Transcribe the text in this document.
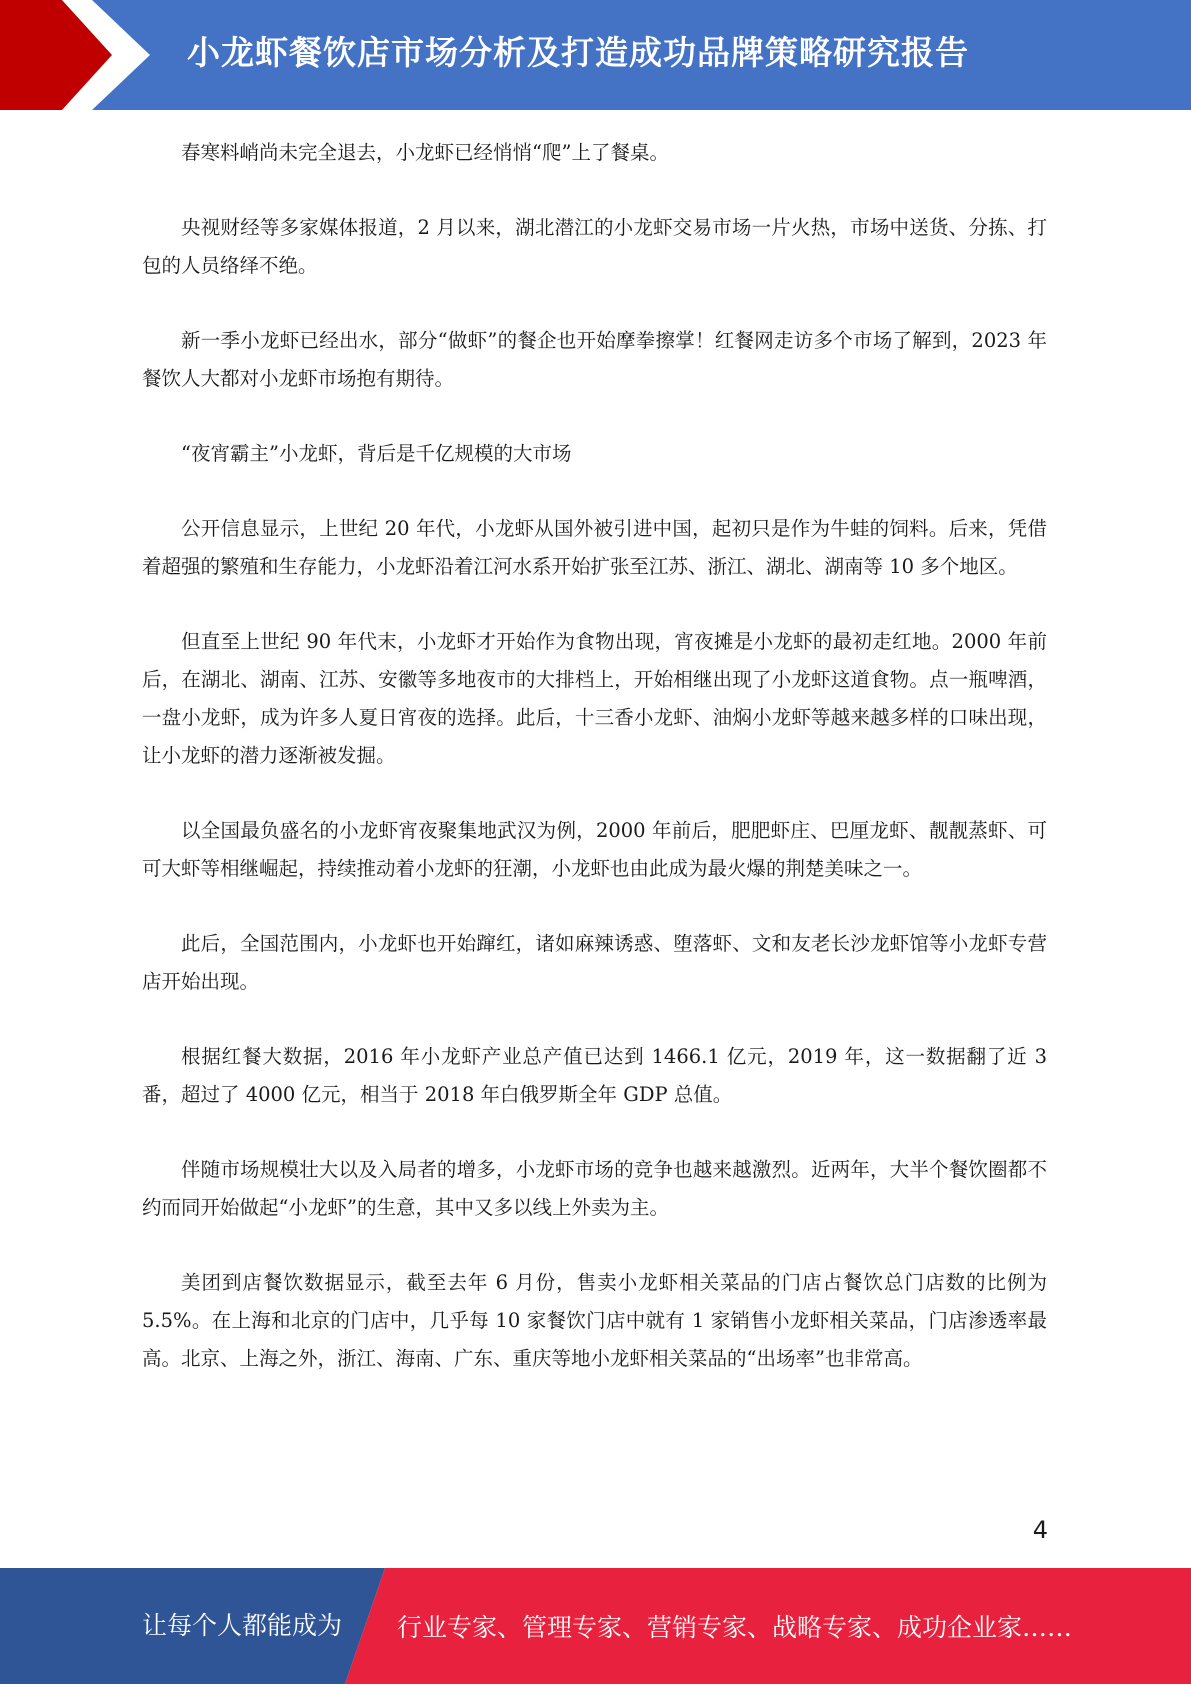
小龙虾餐饮店市场分析及打造成功品牌策略研究报告

春寒料峭尚未完全退去，小龙虾已经悄悄“爬”上了餐桌。

央视财经等多家媒体报道，2 月以来，湖北潜江的小龙虾交易市场一片火热，市场中送货、分拣、打包的人员络绎不绝。

新一季小龙虾已经出水，部分“做虾”的餐企也开始摩拳擦掌！红餐网走访多个市场了解到，2023 年餐饮人大都对小龙虾市场抱有期待。

“夜宵霸主”小龙虾，背后是千亿规模的大市场

公开信息显示，上世纪 20 年代，小龙虾从国外被引进中国，起初只是作为牛蛙的饲料。后来，凭借着超强的繁殖和生存能力，小龙虾沿着江河水系开始扩张至江苏、浙江、湖北、湖南等 10 多个地区。

但直至上世纪 90 年代末，小龙虾才开始作为食物出现，宵夜摊是小龙虾的最初走红地。2000 年前后，在湖北、湖南、江苏、安徽等多地夜市的大排档上，开始相继出现了小龙虾这道食物。点一瓶啤酒，一盘小龙虾，成为许多人夏日宵夜的选择。此后，十三香小龙虾、油焖小龙虾等越来越多样的口味出现，让小龙虾的潜力逐渐被发掘。

以全国最负盛名的小龙虾宵夜聚集地武汉为例，2000 年前后，肥肥虾庄、巴厘龙虾、靓靓蒸虾、可可大虾等相继崛起，持续推动着小龙虾的狂潮，小龙虾也由此成为最火爆的荆楚美味之一。

此后，全国范围内，小龙虾也开始蹿红，诸如麻辣诱惑、堕落虾、文和友老长沙龙虾馆等小龙虾专营店开始出现。

根据红餐大数据，2016 年小龙虾产业总产值已达到 1466.1 亿元，2019 年，这一数据翻了近 3 番，超过了 4000 亿元，相当于 2018 年白俄罗斯全年 GDP 总值。

伴随市场规模壮大以及入局者的增多，小龙虾市场的竞争也越来越激烈。近两年，大半个餐饮圈都不约而同开始做起“小龙虾”的生意，其中又多以线上外卖为主。

美团到店餐饮数据显示，截至去年 6 月份，售卖小龙虾相关菜品的门店占餐饮总门店数的比例为 5.5%。在上海和北京的门店中，几乎每 10 家餐饮门店中就有 1 家销售小龙虾相关菜品，门店渗透率最高。北京、上海之外，浙江、海南、广东、重庆等地小龙虾相关菜品的“出场率”也非常高。

4
让每个人都能成为 行业专家、管理专家、营销专家、战略专家、成功企业家……
